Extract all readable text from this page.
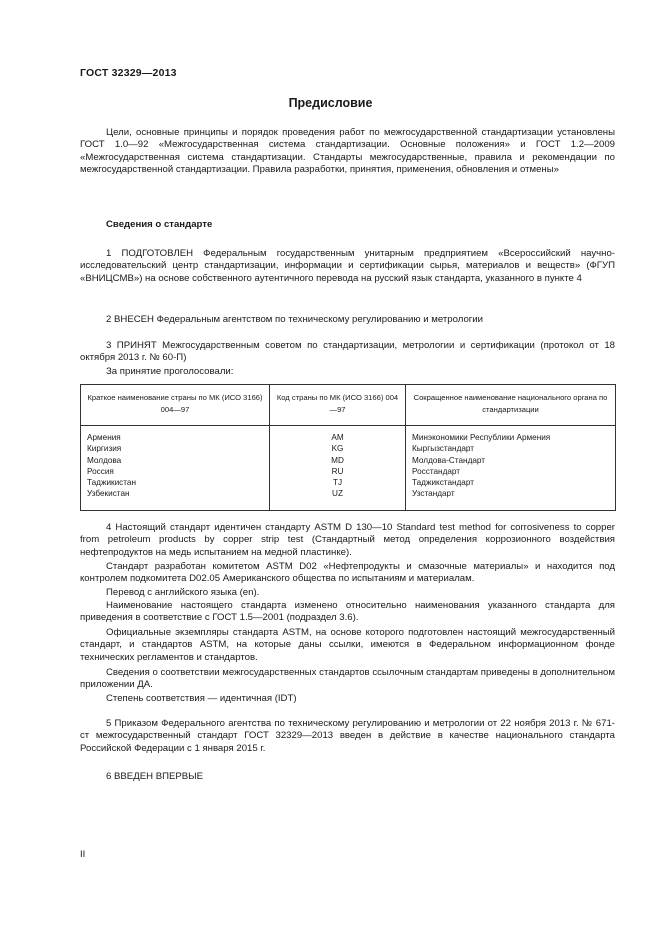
ГОСТ 32329—2013
Предисловие

Цели, основные принципы и порядок проведения работ по межгосударственной стандартизации установлены ГОСТ 1.0—92 «Межгосударственная система стандартизации. Основные положения» и ГОСТ 1.2—2009 «Межгосударственная система стандартизации. Стандарты межгосударственные, правила и рекомендации по межгосударственной стандартизации. Правила разработки, принятия, применения, обновления и отмены»

Сведения о стандарте

1 ПОДГОТОВЛЕН Федеральным государственным унитарным предприятием «Всероссийский научно-исследовательский центр стандартизации, информации и сертификации сырья, материалов и веществ» (ФГУП «ВНИЦСМВ») на основе собственного аутентичного перевода на русский язык стандарта, указанного в пункте 4

2 ВНЕСЕН Федеральным агентством по техническому регулированию и метрологии

3 ПРИНЯТ Межгосударственным советом по стандартизации, метрологии и сертификации (протокол от 18 октября 2013 г. № 60-П)

За принятие проголосовали:

Краткое наименование страны по МК (ИСО 3166) 004—97	Код страны по МК (ИСО 3166) 004—97	Сокращенное наименование национального органа по стандартизации
Армения	AM	Минэкономики Республики Армения
Киргизия	KG	Кыргызстандарт
Молдова	MD	Молдова-Стандарт
Россия	RU	Росстандарт
Таджикистан	TJ	Таджикстандарт
Узбекистан	UZ	Узстандарт

4 Настоящий стандарт идентичен стандарту ASTM D 130—10 Standard test method for corrosiveness to copper from petroleum products by copper strip test (Стандартный метод определения коррозионного воздействия нефтепродуктов на медь испытанием на медной пластинке).

Стандарт разработан комитетом ASTM D02 «Нефтепродукты и смазочные материалы» и находится под контролем подкомитета D02.05 Американского общества по испытаниям и материалам.

Перевод с английского языка (en).

Наименование настоящего стандарта изменено относительно наименования указанного стандарта для приведения в соответствие с ГОСТ 1.5—2001 (подраздел 3.6).

Официальные экземпляры стандарта ASTM, на основе которого подготовлен настоящий межгосударственный стандарт, и стандартов ASTM, на которые даны ссылки, имеются в Федеральном информационном фонде технических регламентов и стандартов.

Сведения о соответствии межгосударственных стандартов ссылочным стандартам приведены в дополнительном приложении ДА.

Степень соответствия — идентичная (IDT)

5 Приказом Федерального агентства по техническому регулированию и метрологии от 22 ноября 2013 г. № 671-ст межгосударственный стандарт ГОСТ 32329—2013 введен в действие в качестве национального стандарта Российской Федерации с 1 января 2015 г.

6 ВВЕДЕН ВПЕРВЫЕ

II
